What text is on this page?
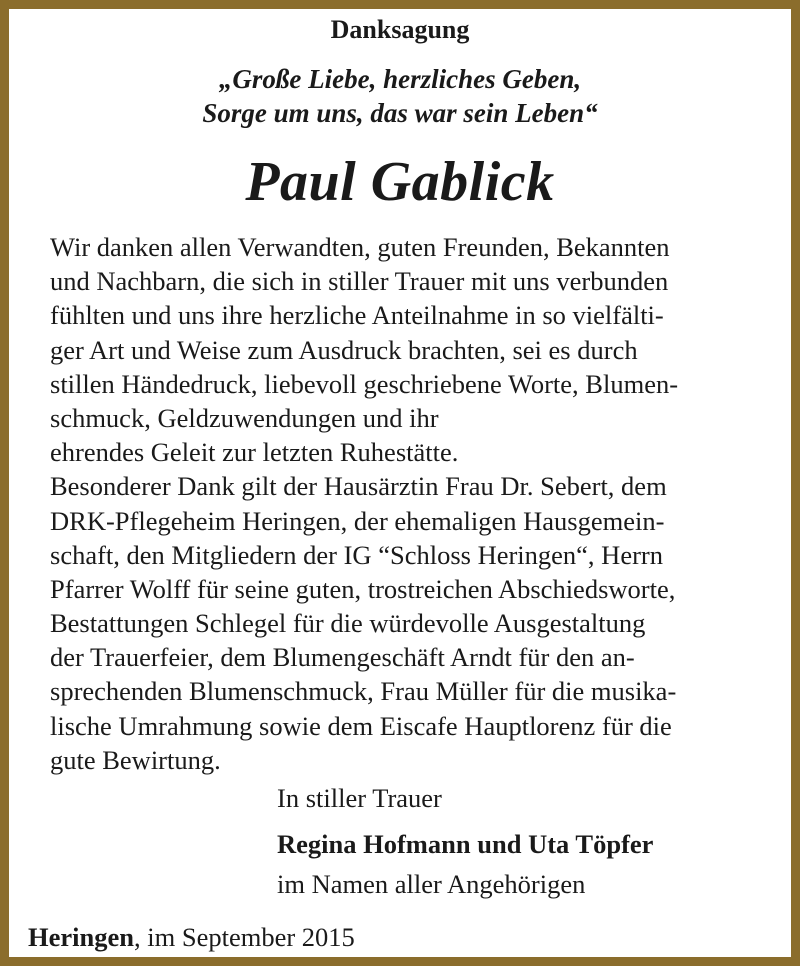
Danksagung
„Große Liebe, herzliches Geben,
Sorge um uns, das war sein Leben“
Paul Gablick
Wir danken allen Verwandten, guten Freunden, Bekannten
und Nachbarn, die sich in stiller Trauer mit uns verbunden
fühlten und uns ihre herzliche Anteilnahme in so vielfälti-
ger Art und Weise zum Ausdruck brachten, sei es durch
stillen Händedruck, liebevoll geschriebene Worte, Blumen-
schmuck, Geldzuwendungen und ihr
ehrendes Geleit zur letzten Ruhestätte.
Besonderer Dank gilt der Hausärztin Frau Dr. Sebert, dem
DRK-Pflegeheim Heringen, der ehemaligen Hausgemein-
schaft, den Mitgliedern der IG “Schloss Heringen“, Herrn
Pfarrer Wolff für seine guten, trostreichen Abschiedsworte,
Bestattungen Schlegel für die würdevolle Ausgestaltung
der Trauerfeier, dem Blumengeschäft Arndt für den an-
sprechenden Blumenschmuck, Frau Müller für die musika-
lische Umrahmung sowie dem Eiscafe Hauptlorenz für die
gute Bewirtung.
In stiller Trauer
Regina Hofmann und Uta Töpfer
im Namen aller Angehörigen
Heringen, im September 2015
